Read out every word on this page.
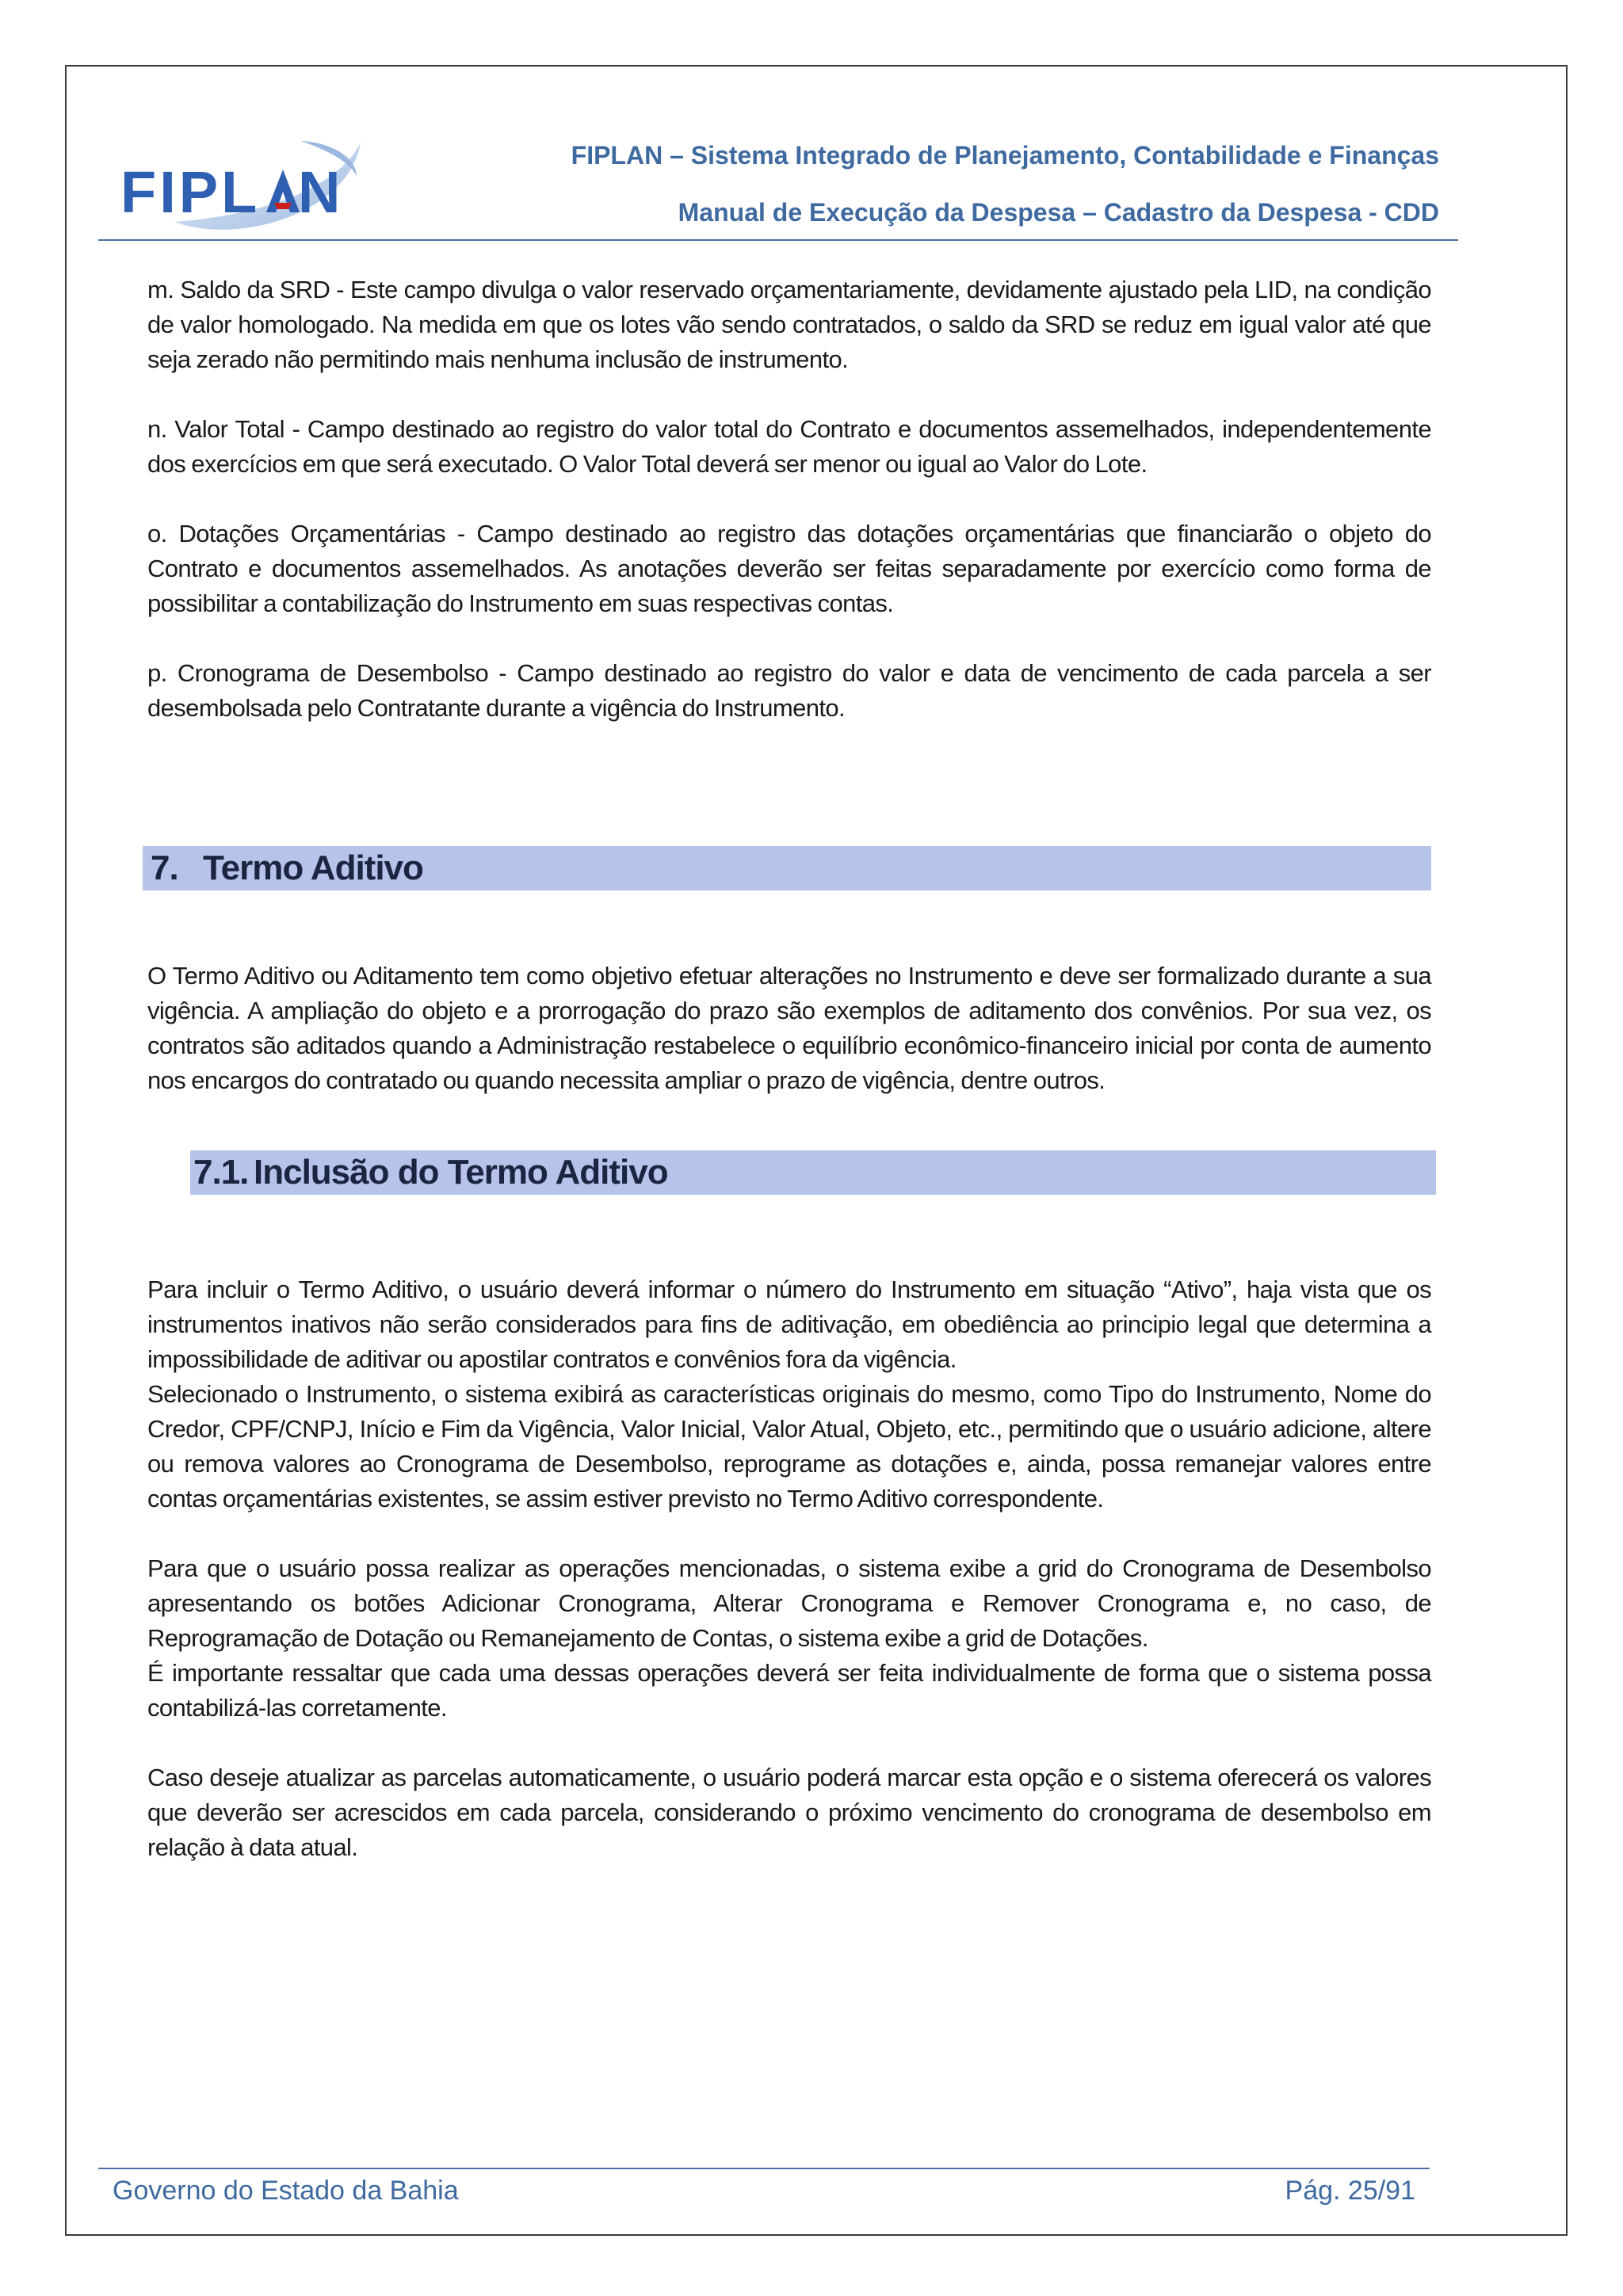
FIPL N
FIPLAN – Sistema Integrado de Planejamento, Contabilidade e Finanças
Manual de Execução da Despesa – Cadastro da Despesa - CDD

m. Saldo da SRD - Este campo divulga o valor reservado orçamentariamente, devidamente ajustado pela LID, na condição de valor homologado. Na medida em que os lotes vão sendo contratados, o saldo da SRD se reduz em igual valor até que seja zerado não permitindo mais nenhuma inclusão de instrumento.

n. Valor Total - Campo destinado ao registro do valor total do Contrato e documentos assemelhados, independentemente dos exercícios em que será executado. O Valor Total deverá ser menor ou igual ao Valor do Lote.

o. Dotações Orçamentárias - Campo destinado ao registro das dotações orçamentárias que financiarão o objeto do Contrato e documentos assemelhados. As anotações deverão ser feitas separadamente por exercício como forma de possibilitar a contabilização do Instrumento em suas respectivas contas.

p. Cronograma de Desembolso - Campo destinado ao registro do valor e data de vencimento de cada parcela a ser desembolsada pelo Contratante durante a vigência do Instrumento.

7. Termo Aditivo

O Termo Aditivo ou Aditamento tem como objetivo efetuar alterações no Instrumento e deve ser formalizado durante a sua vigência. A ampliação do objeto e a prorrogação do prazo são exemplos de aditamento dos convênios. Por sua vez, os contratos são aditados quando a Administração restabelece o equilíbrio econômico-financeiro inicial por conta de aumento nos encargos do contratado ou quando necessita ampliar o prazo de vigência, dentre outros.

7.1. Inclusão do Termo Aditivo

Para incluir o Termo Aditivo, o usuário deverá informar o número do Instrumento em situação “Ativo”, haja vista que os instrumentos inativos não serão considerados para fins de aditivação, em obediência ao principio legal que determina a impossibilidade de aditivar ou apostilar contratos e convênios fora da vigência.

Selecionado o Instrumento, o sistema exibirá as características originais do mesmo, como Tipo do Instrumento, Nome do Credor, CPF/CNPJ, Início e Fim da Vigência, Valor Inicial, Valor Atual, Objeto, etc., permitindo que o usuário adicione, altere ou remova valores ao Cronograma de Desembolso, reprograme as dotações e, ainda, possa remanejar valores entre contas orçamentárias existentes, se assim estiver previsto no Termo Aditivo correspondente.

Para que o usuário possa realizar as operações mencionadas, o sistema exibe a grid do Cronograma de Desembolso apresentando os botões Adicionar Cronograma, Alterar Cronograma e Remover Cronograma e, no caso, de Reprogramação de Dotação ou Remanejamento de Contas, o sistema exibe a grid de Dotações.

É importante ressaltar que cada uma dessas operações deverá ser feita individualmente de forma que o sistema possa contabilizá-las corretamente.

Caso deseje atualizar as parcelas automaticamente, o usuário poderá marcar esta opção e o sistema oferecerá os valores que deverão ser acrescidos em cada parcela, considerando o próximo vencimento do cronograma de desembolso em relação à data atual.

Governo do Estado da Bahia	Pág. 25/91
